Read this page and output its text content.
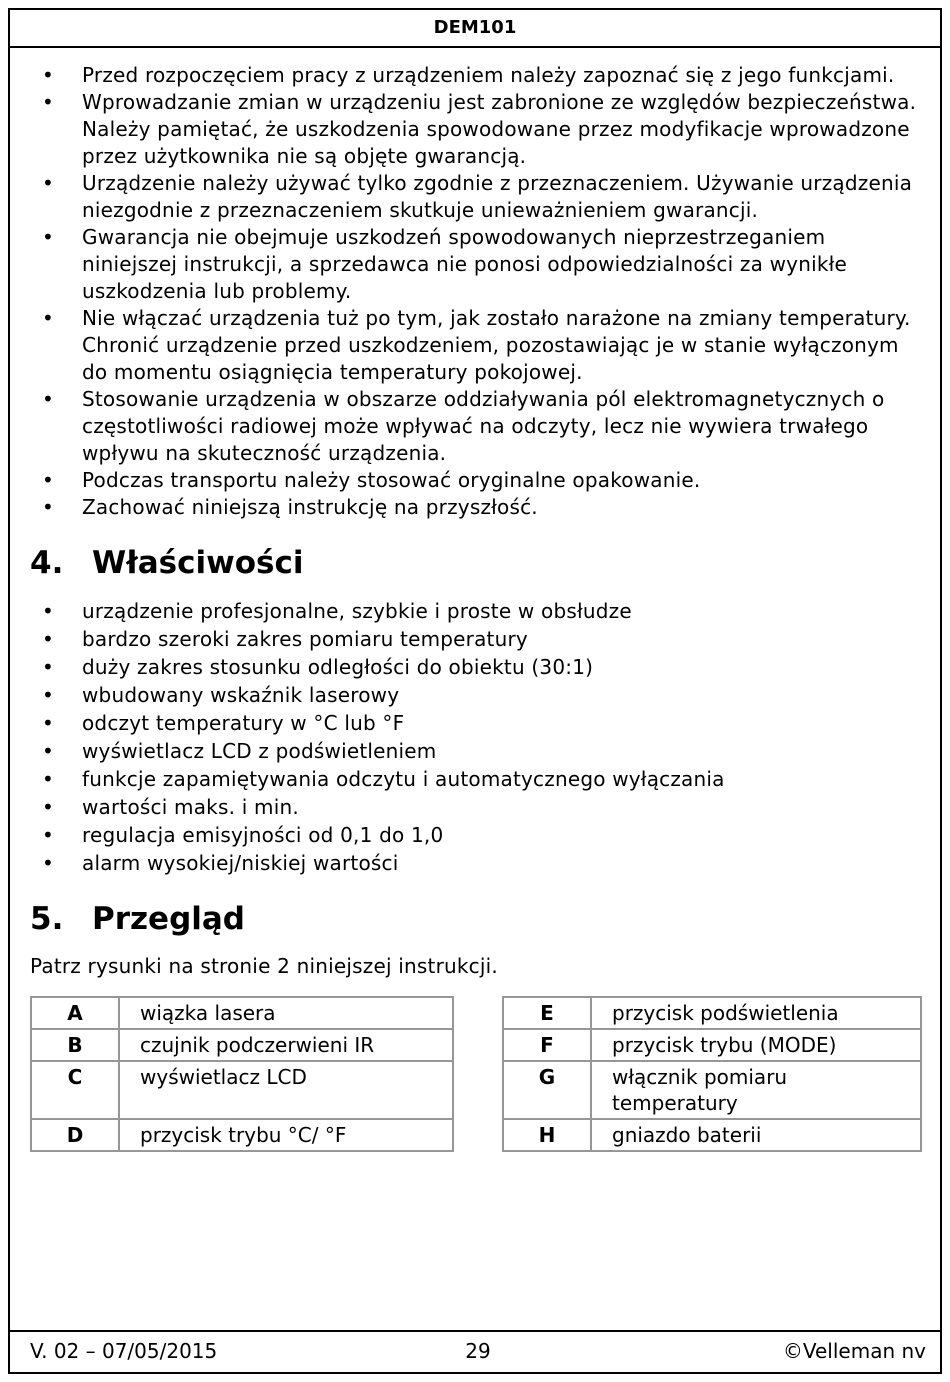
DEM101
• Przed rozpoczęciem pracy z urządzeniem należy zapoznać się z jego funkcjami.
• Wprowadzanie zmian w urządzeniu jest zabronione ze względów bezpieczeństwa. Należy pamiętać, że uszkodzenia spowodowane przez modyfikacje wprowadzone przez użytkownika nie są objęte gwarancją.
• Urządzenie należy używać tylko zgodnie z przeznaczeniem. Używanie urządzenia niezgodnie z przeznaczeniem skutkuje unieważnieniem gwarancji.
• Gwarancja nie obejmuje uszkodzeń spowodowanych nieprzestrzeganiem niniejszej instrukcji, a sprzedawca nie ponosi odpowiedzialności za wynikłe uszkodzenia lub problemy.
• Nie włączać urządzenia tuż po tym, jak zostało narażone na zmiany temperatury. Chronić urządzenie przed uszkodzeniem, pozostawiając je w stanie wyłączonym do momentu osiągnięcia temperatury pokojowej.
• Stosowanie urządzenia w obszarze oddziaływania pól elektromagnetycznych o częstotliwości radiowej może wpływać na odczyty, lecz nie wywiera trwałego wpływu na skuteczność urządzenia.
• Podczas transportu należy stosować oryginalne opakowanie.
• Zachować niniejszą instrukcję na przyszłość.
4. Właściwości
• urządzenie profesjonalne, szybkie i proste w obsłudze
• bardzo szeroki zakres pomiaru temperatury
• duży zakres stosunku odległości do obiektu (30:1)
• wbudowany wskaźnik laserowy
• odczyt temperatury w °C lub °F
• wyświetlacz LCD z podświetleniem
• funkcje zapamiętywania odczytu i automatycznego wyłączania
• wartości maks. i min.
• regulacja emisyjności od 0,1 do 1,0
• alarm wysokiej/niskiej wartości
5. Przegląd

Patrz rysunki na stronie 2 niniejszej instrukcji.

A	wiązka lasera
B	czujnik podczerwieni IR
C	wyświetlacz LCD
D	przycisk trybu °C/ °F
E	przycisk podświetlenia
F	przycisk trybu (MODE)
G	włącznik pomiaru temperatury
H	gniazdo baterii
V. 02 – 07/05/2015	29	©Velleman nv
